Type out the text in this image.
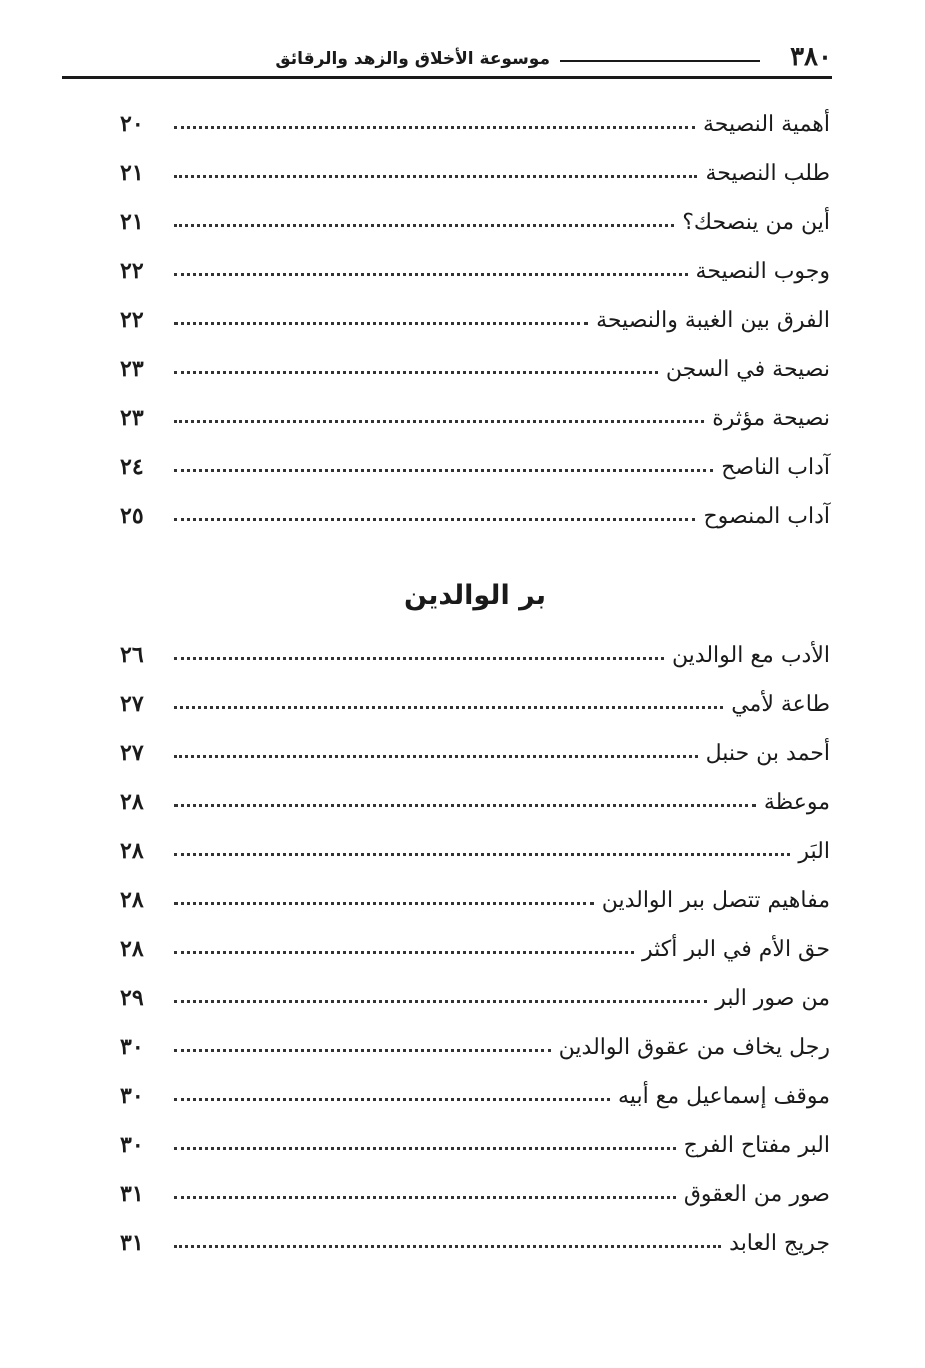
٣٨٠
موسوعة الأخلاق والزهد والرقائق
أهمية النصيحة
٢٠
طلب النصيحة
٢١
أين من ينصحك؟
٢١
وجوب النصيحة
٢٢
الفرق بين الغيبة والنصيحة
٢٢
نصيحة في السجن
٢٣
نصيحة مؤثرة
٢٣
آداب الناصح
٢٤
آداب المنصوح
٢٥
بر الوالدين
الأدب مع الوالدين
٢٦
طاعة لأمي
٢٧
أحمد بن حنبل
٢٧
موعظة
٢٨
البَر
٢٨
مفاهيم تتصل ببر الوالدين
٢٨
حق الأم في البر أكثر
٢٨
من صور البر
٢٩
رجل يخاف من عقوق الوالدين
٣٠
موقف إسماعيل مع أبيه
٣٠
البر مفتاح الفرج
٣٠
صور من العقوق
٣١
جريج العابد
٣١
